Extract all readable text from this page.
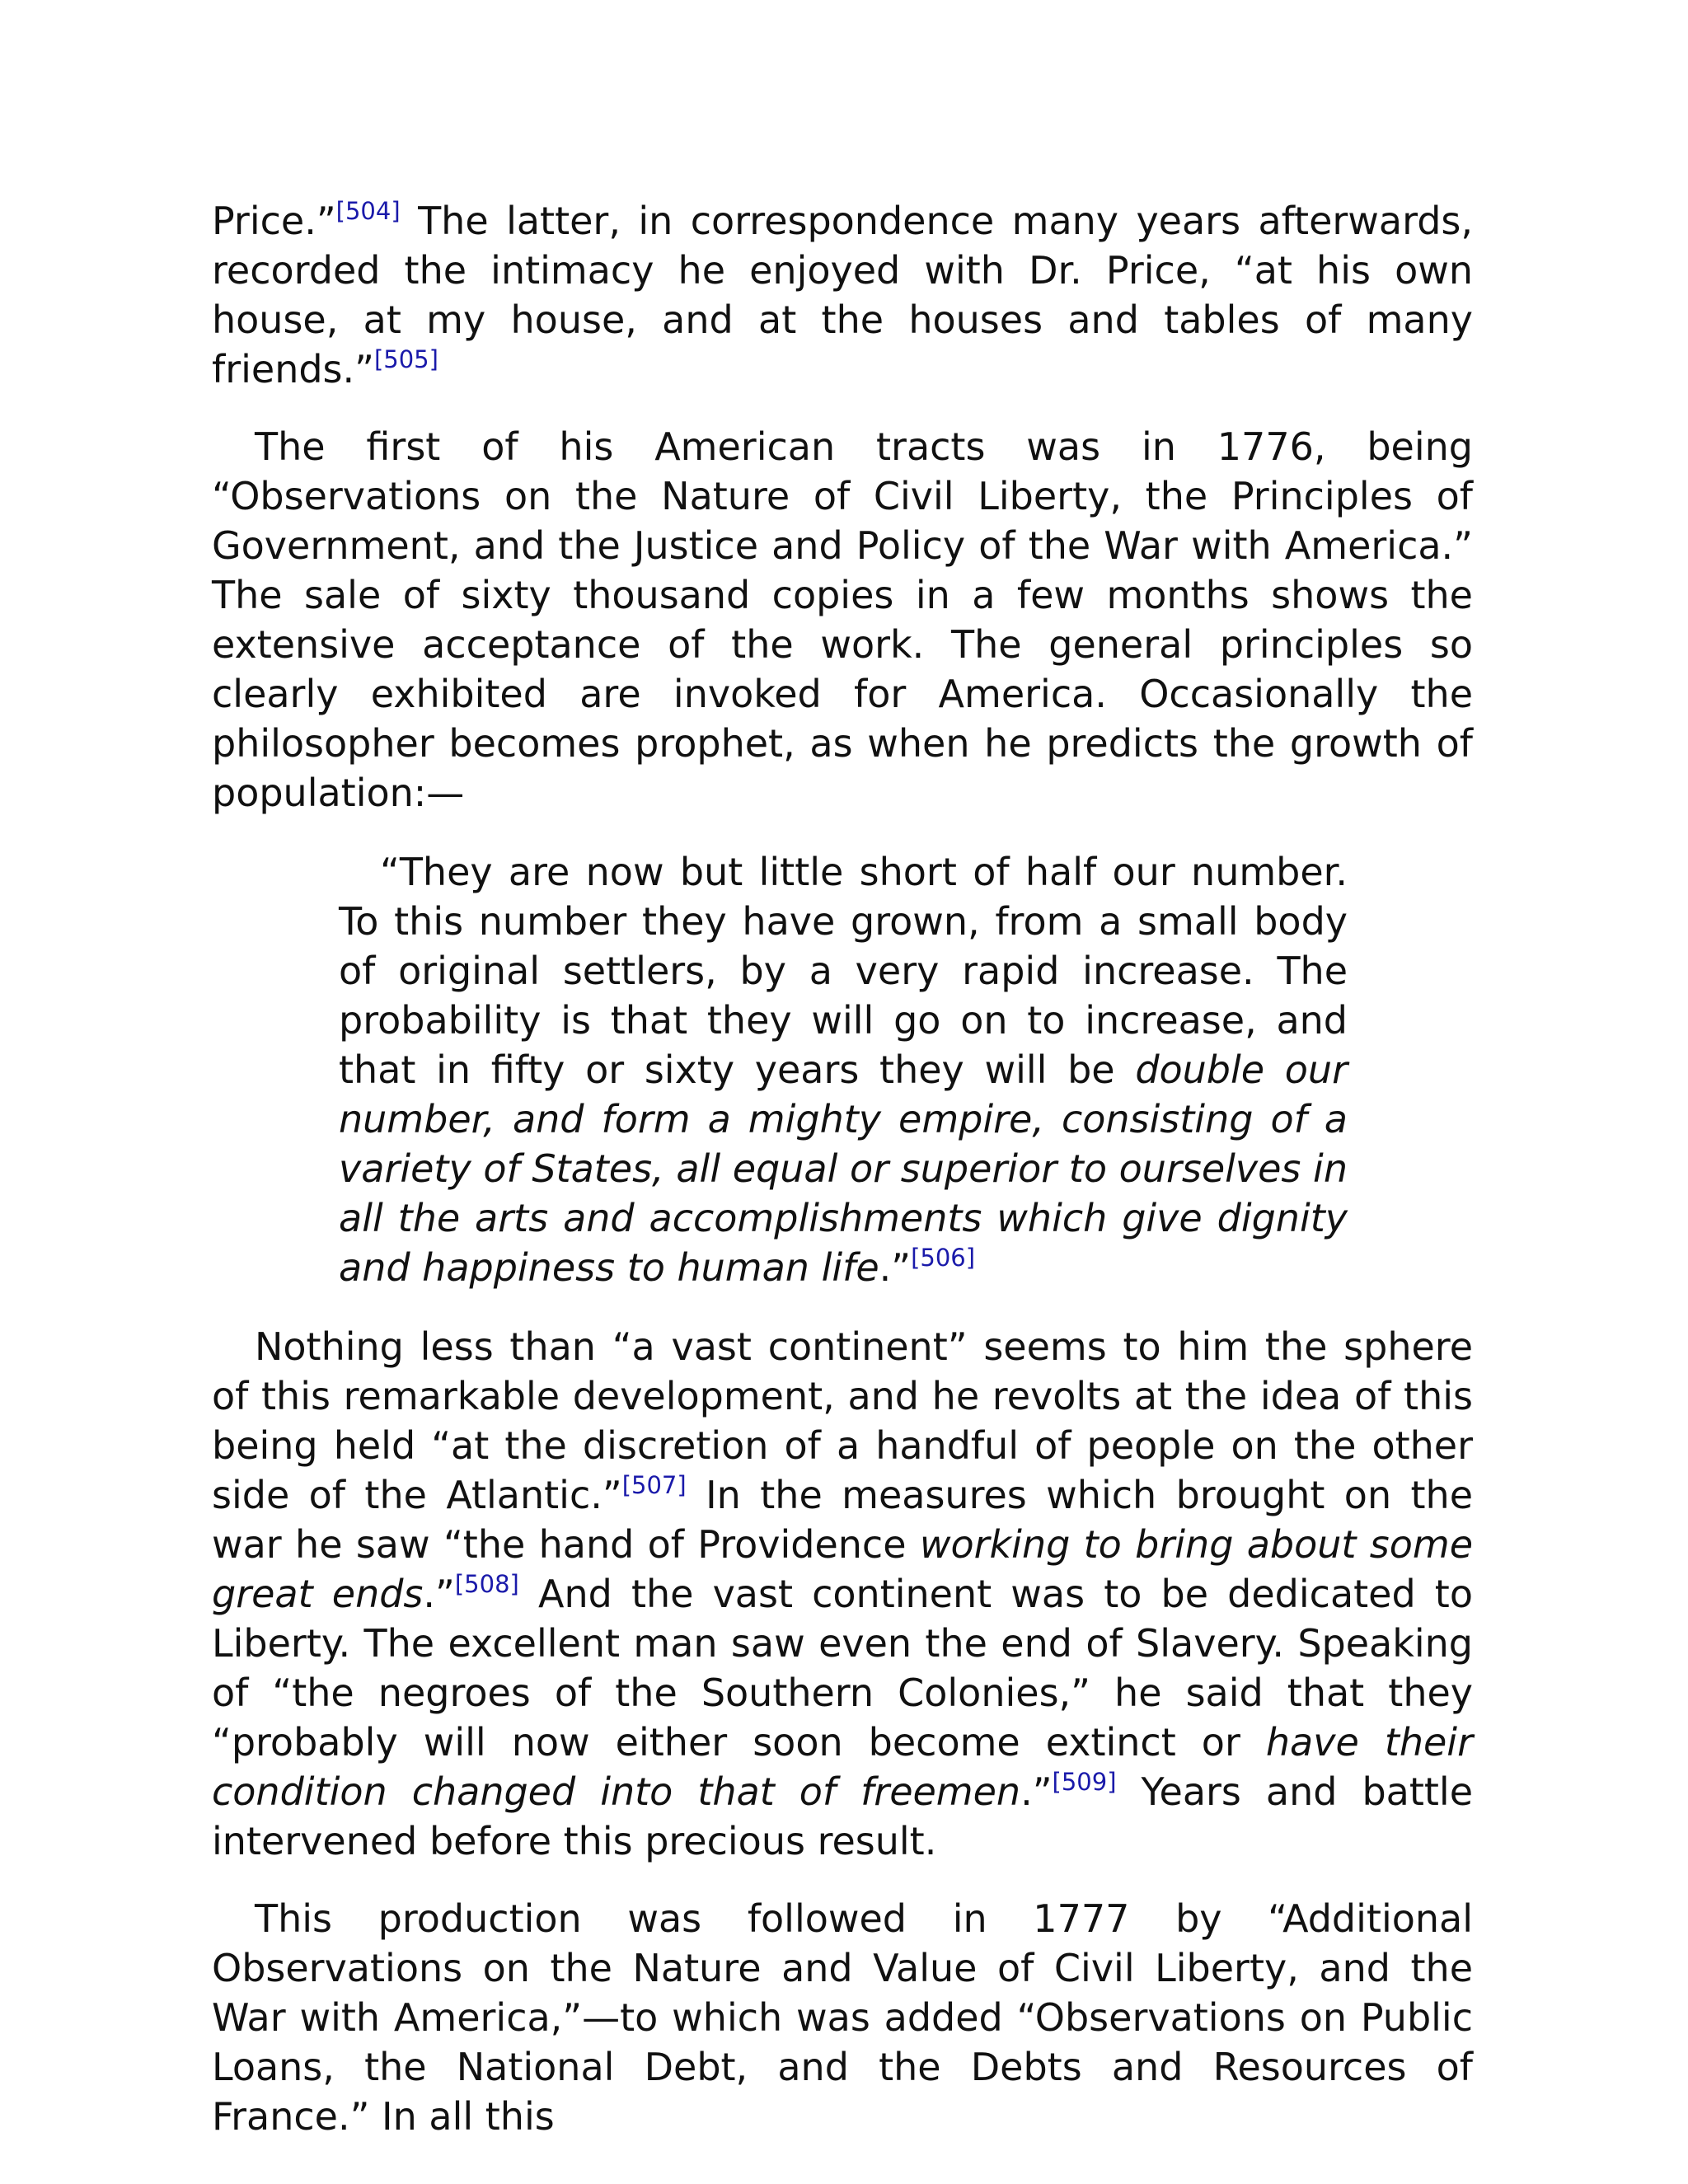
Price.”[504] The latter, in correspondence many years afterwards, recorded the intimacy he enjoyed with Dr. Price, “at his own house, at my house, and at the houses and tables of many friends.”[505]

The first of his American tracts was in 1776, being “Observations on the Nature of Civil Liberty, the Principles of Government, and the Justice and Policy of the War with America.” The sale of sixty thousand copies in a few months shows the extensive acceptance of the work. The general principles so clearly exhibited are invoked for America. Occasionally the philosopher becomes prophet, as when he predicts the growth of population:—

“They are now but little short of half our number. To this number they have grown, from a small body of original settlers, by a very rapid increase. The probability is that they will go on to increase, and that in fifty or sixty years they will be double our number, and form a mighty empire, consisting of a variety of States, all equal or superior to ourselves in all the arts and accomplishments which give dignity and happiness to human life.”[506]

Nothing less than “a vast continent” seems to him the sphere of this remarkable development, and he revolts at the idea of this being held “at the discretion of a handful of people on the other side of the Atlantic.”[507] In the measures which brought on the war he saw “the hand of Providence working to bring about some great ends.”[508] And the vast continent was to be dedicated to Liberty. The excellent man saw even the end of Slavery. Speaking of “the negroes of the Southern Colonies,” he said that they “probably will now either soon become extinct or have their condition changed into that of freemen.”[509] Years and battle intervened before this precious result.

This production was followed in 1777 by “Additional Observations on the Nature and Value of Civil Liberty, and the War with America,”—to which was added “Observations on Public Loans, the National Debt, and the Debts and Resources of France.” In all this
